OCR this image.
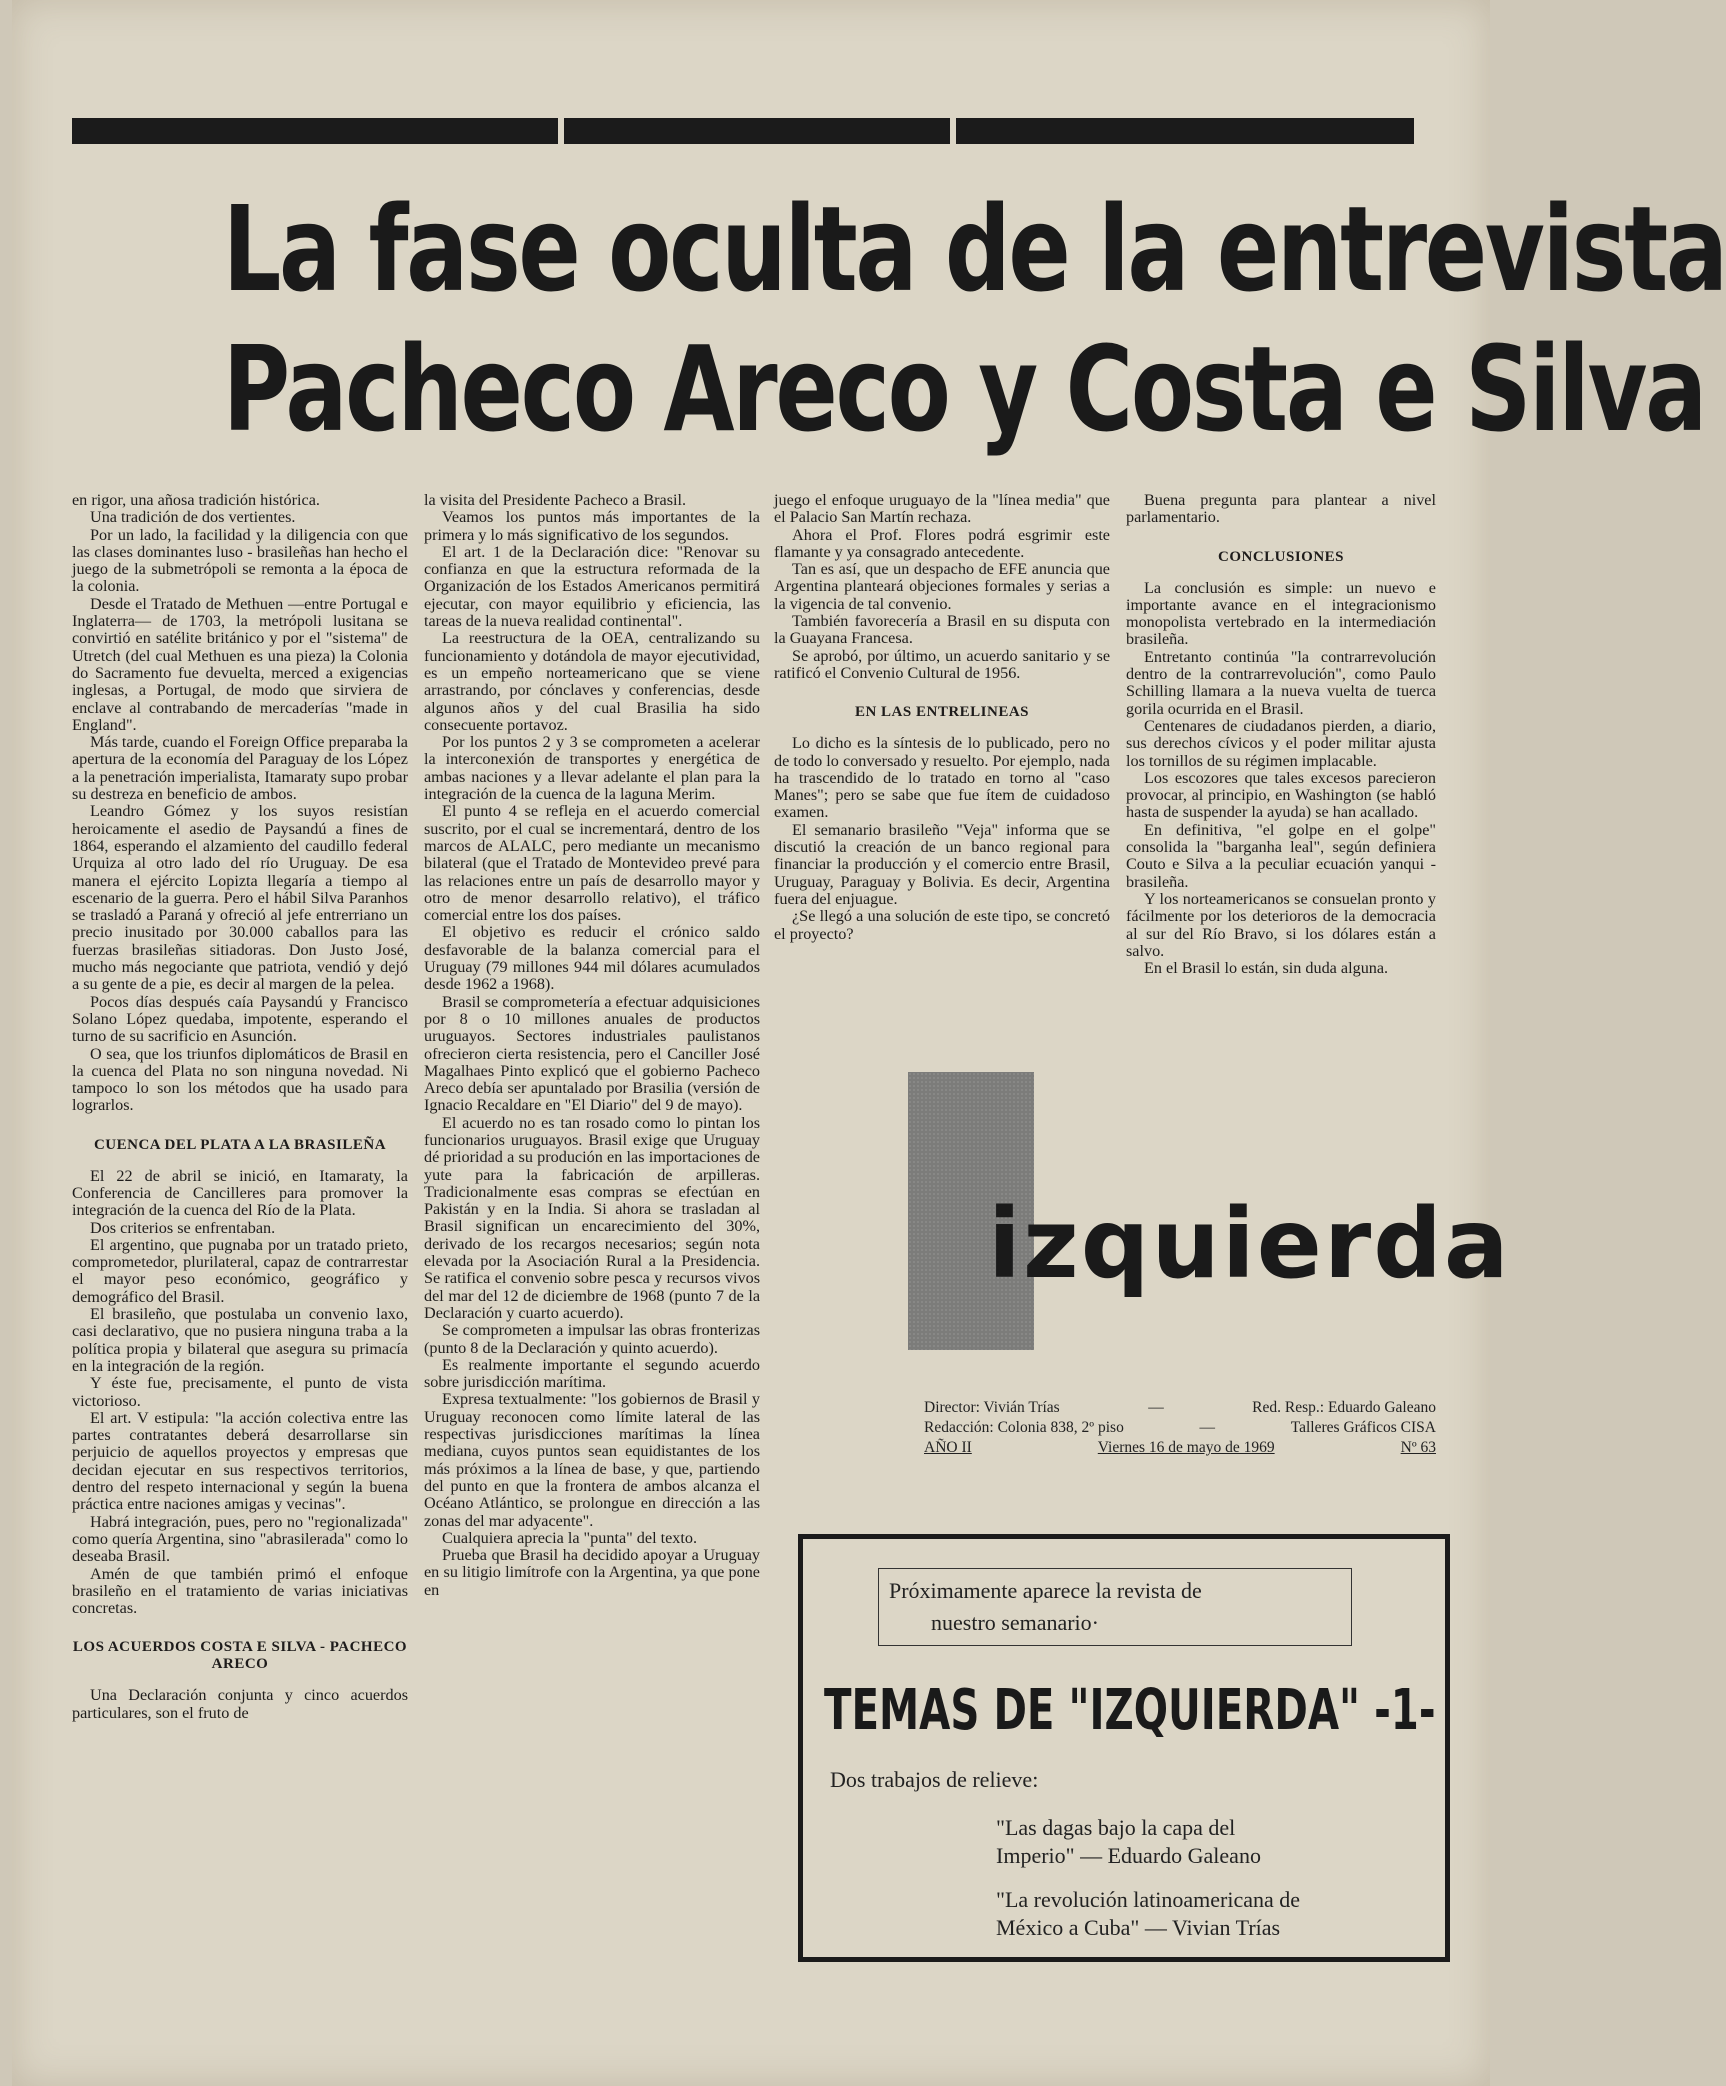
La fase oculta de la entrevista
Pacheco Areco y Costa e Silva

en rigor, una añosa tradición histórica.

Una tradición de dos vertientes.

Por un lado, la facilidad y la diligencia con que las clases dominantes luso - brasileñas han hecho el juego de la submetrópoli se remonta a la época de la colonia.

Desde el Tratado de Methuen —entre Portugal e Inglaterra— de 1703, la metrópoli lusitana se convirtió en satélite británico y por el "sistema" de Utretch (del cual Methuen es una pieza) la Colonia do Sacramento fue devuelta, merced a exigencias inglesas, a Portugal, de modo que sirviera de enclave al contrabando de mercaderías "made in England".

Más tarde, cuando el Foreign Office preparaba la apertura de la economía del Paraguay de los López a la penetración imperialista, Itamaraty supo probar su destreza en beneficio de ambos.

Leandro Gómez y los suyos resistían heroicamente el asedio de Paysandú a fines de 1864, esperando el alzamiento del caudillo federal Urquiza al otro lado del río Uruguay. De esa manera el ejército Lopizta llegaría a tiempo al escenario de la guerra. Pero el hábil Silva Paranhos se trasladó a Paraná y ofreció al jefe entrerriano un precio inusitado por 30.000 caballos para las fuerzas brasileñas sitiadoras. Don Justo José, mucho más negociante que patriota, vendió y dejó a su gente de a pie, es decir al margen de la pelea.

Pocos días después caía Paysandú y Francisco Solano López quedaba, impotente, esperando el turno de su sacrificio en Asunción.

O sea, que los triunfos diplomáticos de Brasil en la cuenca del Plata no son ninguna novedad. Ni tampoco lo son los métodos que ha usado para lograrlos.

CUENCA DEL PLATA A LA BRASILEÑA

El 22 de abril se inició, en Itamaraty, la Conferencia de Cancilleres para promover la integración de la cuenca del Río de la Plata.

Dos criterios se enfrentaban.

El argentino, que pugnaba por un tratado prieto, comprometedor, plurilateral, capaz de contrarrestar el mayor peso económico, geográfico y demográfico del Brasil.

El brasileño, que postulaba un convenio laxo, casi declarativo, que no pusiera ninguna traba a la política propia y bilateral que asegura su primacía en la integración de la región.

Y éste fue, precisamente, el punto de vista victorioso.

El art. V estipula: "la acción colectiva entre las partes contratantes deberá desarrollarse sin perjuicio de aquellos proyectos y empresas que decidan ejecutar en sus respectivos territorios, dentro del respeto internacional y según la buena práctica entre naciones amigas y vecinas".

Habrá integración, pues, pero no "regionalizada" como quería Argentina, sino "abrasilerada" como lo deseaba Brasil.

Amén de que también primó el enfoque brasileño en el tratamiento de varias iniciativas concretas.

LOS ACUERDOS COSTA E SILVA - PACHECO ARECO

Una Declaración conjunta y cinco acuerdos particulares, son el fruto de

la visita del Presidente Pacheco a Brasil.

Veamos los puntos más importantes de la primera y lo más significativo de los segundos.

El art. 1 de la Declaración dice: "Renovar su confianza en que la estructura reformada de la Organización de los Estados Americanos permitirá ejecutar, con mayor equilibrio y eficiencia, las tareas de la nueva realidad continental".

La reestructura de la OEA, centralizando su funcionamiento y dotándola de mayor ejecutividad, es un empeño norteamericano que se viene arrastrando, por cónclaves y conferencias, desde algunos años y del cual Brasilia ha sido consecuente portavoz.

Por los puntos 2 y 3 se comprometen a acelerar la interconexión de transportes y energética de ambas naciones y a llevar adelante el plan para la integración de la cuenca de la laguna Merim.

El punto 4 se refleja en el acuerdo comercial suscrito, por el cual se incrementará, dentro de los marcos de ALALC, pero mediante un mecanismo bilateral (que el Tratado de Montevideo prevé para las relaciones entre un país de desarrollo mayor y otro de menor desarrollo relativo), el tráfico comercial entre los dos países.

El objetivo es reducir el crónico saldo desfavorable de la balanza comercial para el Uruguay (79 millones 944 mil dólares acumulados desde 1962 a 1968).

Brasil se comprometería a efectuar adquisiciones por 8 o 10 millones anuales de productos uruguayos. Sectores industriales paulistanos ofrecieron cierta resistencia, pero el Canciller José Magalhaes Pinto explicó que el gobierno Pacheco Areco debía ser apuntalado por Brasilia (versión de Ignacio Recaldare en "El Diario" del 9 de mayo).

El acuerdo no es tan rosado como lo pintan los funcionarios uruguayos. Brasil exige que Uruguay dé prioridad a su produción en las importaciones de yute para la fabricación de arpilleras. Tradicionalmente esas compras se efectúan en Pakistán y en la India. Si ahora se trasladan al Brasil significan un encarecimiento del 30%, derivado de los recargos necesarios; según nota elevada por la Asociación Rural a la Presidencia. Se ratifica el convenio sobre pesca y recursos vivos del mar del 12 de diciembre de 1968 (punto 7 de la Declaración y cuarto acuerdo).

Se comprometen a impulsar las obras fronterizas (punto 8 de la Declaración y quinto acuerdo).

Es realmente importante el segundo acuerdo sobre jurisdicción marítima.

Expresa textualmente: "los gobiernos de Brasil y Uruguay reconocen como límite lateral de las respectivas jurisdicciones marítimas la línea mediana, cuyos puntos sean equidistantes de los más próximos a la línea de base, y que, partiendo del punto en que la frontera de ambos alcanza el Océano Atlántico, se prolongue en dirección a las zonas del mar adyacente".

Cualquiera aprecia la "punta" del texto.

Prueba que Brasil ha decidido apoyar a Uruguay en su litigio limítrofe con la Argentina, ya que pone en

juego el enfoque uruguayo de la "línea media" que el Palacio San Martín rechaza.

Ahora el Prof. Flores podrá esgrimir este flamante y ya consagrado antecedente.

Tan es así, que un despacho de EFE anuncia que Argentina planteará objeciones formales y serias a la vigencia de tal convenio.

También favorecería a Brasil en su disputa con la Guayana Francesa.

Se aprobó, por último, un acuerdo sanitario y se ratificó el Convenio Cultural de 1956.

EN LAS ENTRELINEAS

Lo dicho es la síntesis de lo publicado, pero no de todo lo conversado y resuelto. Por ejemplo, nada ha trascendido de lo tratado en torno al "caso Manes"; pero se sabe que fue ítem de cuidadoso examen.

El semanario brasileño "Veja" informa que se discutió la creación de un banco regional para financiar la producción y el comercio entre Brasil, Uruguay, Paraguay y Bolivia. Es decir, Argentina fuera del enjuague.

¿Se llegó a una solución de este tipo, se concretó el proyecto?

Buena pregunta para plantear a nivel parlamentario.

CONCLUSIONES

La conclusión es simple: un nuevo e importante avance en el integracionismo monopolista vertebrado en la intermediación brasileña.

Entretanto continúa "la contrarrevolución dentro de la contrarrevolución", como Paulo Schilling llamara a la nueva vuelta de tuerca gorila ocurrida en el Brasil.

Centenares de ciudadanos pierden, a diario, sus derechos cívicos y el poder militar ajusta los tornillos de su régimen implacable.

Los escozores que tales excesos parecieron provocar, al principio, en Washington (se habló hasta de suspender la ayuda) se han acallado.

En definitiva, "el golpe en el golpe" consolida la "barganha leal", según definiera Couto e Silva a la peculiar ecuación yanqui - brasileña.

Y los norteamericanos se consuelan pronto y fácilmente por los deterioros de la democracia al sur del Río Bravo, si los dólares están a salvo.

En el Brasil lo están, sin duda alguna.

izquierda
Director: Vivián Trías	—	Red. Resp.: Eduardo Galeano
Redacción: Colonia 838, 2º piso	—	Talleres Gráficos CISA
AÑO II	Viernes 16 de mayo de 1969	Nº 63
Próximamente aparece la revista de
nuestro semanario·
TEMAS DE "IZQUIERDA" -1-
Dos trabajos de relieve:
"Las dagas bajo la capa del
Imperio" — Eduardo Galeano
"La revolución latinoamericana de
México a Cuba" — Vivian Trías
